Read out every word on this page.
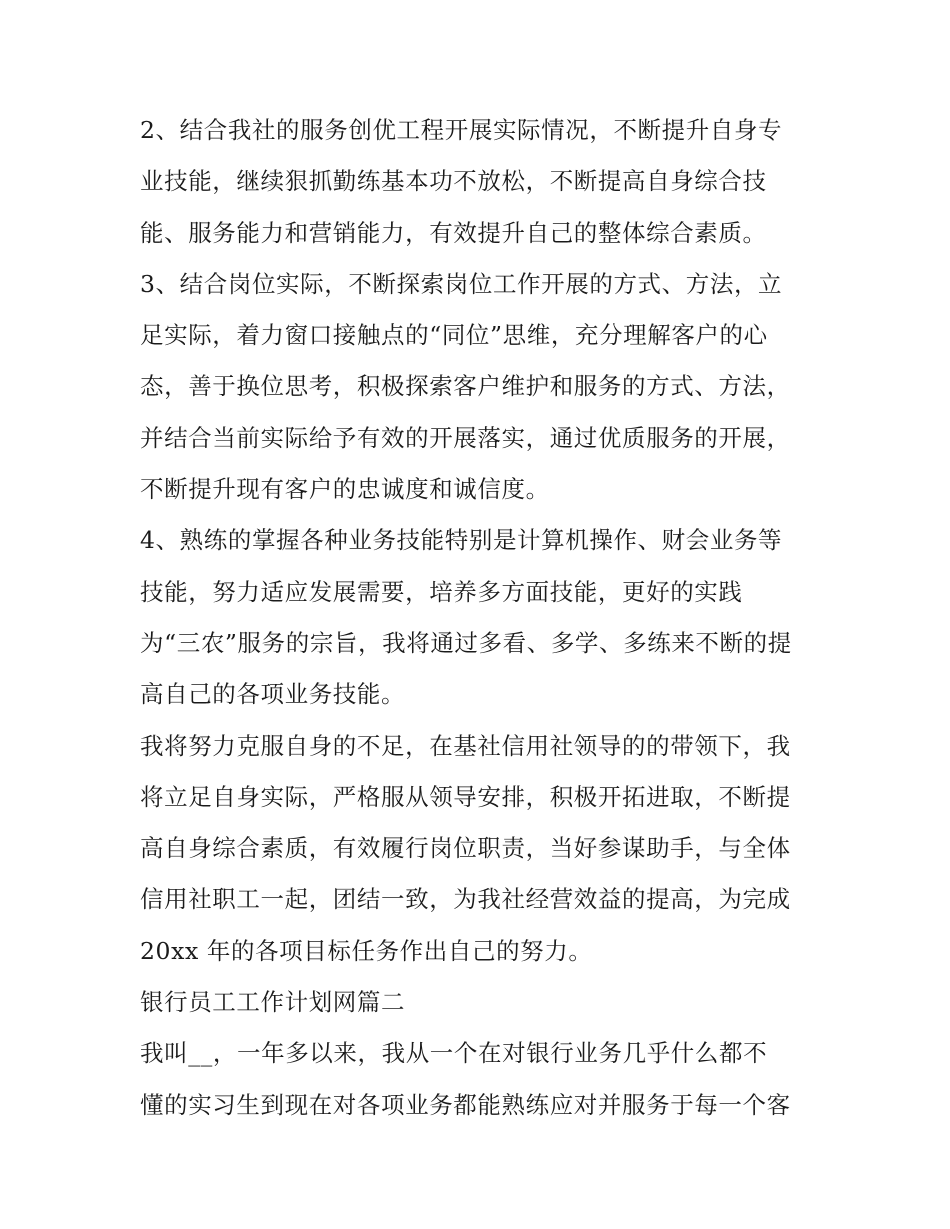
2、结合我社的服务创优工程开展实际情况，不断提升自身专
业技能，继续狠抓勤练基本功不放松，不断提高自身综合技
能、服务能力和营销能力，有效提升自己的整体综合素质。
3、结合岗位实际，不断探索岗位工作开展的方式、方法，立
足实际，着力窗口接触点的“同位”思维，充分理解客户的心
态，善于换位思考，积极探索客户维护和服务的方式、方法，
并结合当前实际给予有效的开展落实，通过优质服务的开展，
不断提升现有客户的忠诚度和诚信度。
4、熟练的掌握各种业务技能特别是计算机操作、财会业务等
技能，努力适应发展需要，培养多方面技能，更好的实践
为“三农”服务的宗旨，我将通过多看、多学、多练来不断的提
高自己的各项业务技能。
我将努力克服自身的不足，在基社信用社领导的的带领下，我
将立足自身实际，严格服从领导安排，积极开拓进取，不断提
高自身综合素质，有效履行岗位职责，当好参谋助手，与全体
信用社职工一起，团结一致，为我社经营效益的提高，为完成
20xx 年的各项目标任务作出自己的努力。
银行员工工作计划网篇二
我叫__，一年多以来，我从一个在对银行业务几乎什么都不
懂的实习生到现在对各项业务都能熟练应对并服务于每一个客
